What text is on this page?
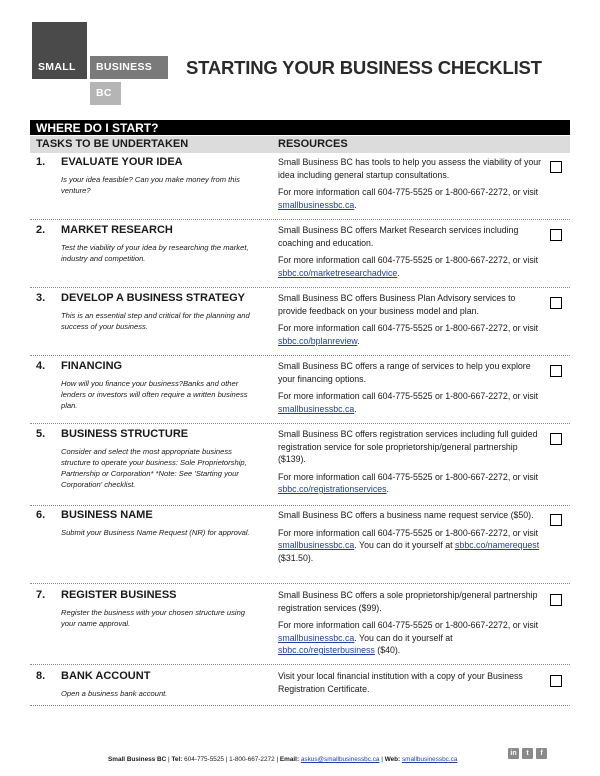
SMALL BUSINESS
BC
STARTING YOUR BUSINESS CHECKLIST
WHERE DO I START?
TASKS TO BE UNDERTAKEN	RESOURCES
1. EVALUATE YOUR IDEA
Is your idea feasible? Can you make money from this venture?

Small Business BC has tools to help you assess the viability of your idea including general startup consultations.

For more information call 604-775-5525 or 1-800-667-2272, or visit smallbusinessbc.ca.

2. MARKET RESEARCH
Test the viability of your idea by researching the market, industry and competition.

Small Business BC offers Market Research services including coaching and education.

For more information call 604-775-5525 or 1-800-667-2272, or visit sbbc.co/marketresearchadvice.

3. DEVELOP A BUSINESS STRATEGY
This is an essential step and critical for the planning and success of your business.

Small Business BC offers Business Plan Advisory services to provide feedback on your business model and plan.

For more information call 604-775-5525 or 1-800-667-2272, or visit sbbc.co/bplanreview.

4. FINANCING
How will you finance your business?Banks and other lenders or investors will often require a written business plan.

Small Business BC offers a range of services to help you explore your financing options.

For more information call 604-775-5525 or 1-800-667-2272, or visit smallbusinessbc.ca.

5. BUSINESS STRUCTURE
Consider and select the most appropriate business structure to operate your business: Sole Proprietorship, Partnership or Corporation* *Note: See 'Starting your Corporation' checklist.

Small Business BC offers registration services including full guided registration service for sole proprietorship/general partnership ($139).

For more information call 604-775-5525 or 1-800-667-2272, or visit sbbc.co/registrationservices.

6. BUSINESS NAME
Submit your Business Name Request (NR) for approval.

Small Business BC offers a business name request service ($50).

For more information call 604-775-5525 or 1-800-667-2272, or visit smallbusinessbc.ca. You can do it yourself at sbbc.co/namerequest ($31.50).

7. REGISTER BUSINESS
Register the business with your chosen structure using your name approval.

Small Business BC offers a sole proprietorship/general partnership registration services ($99).

For more information call 604-775-5525 or 1-800-667-2272, or visit smallbusinessbc.ca. You can do it yourself at sbbc.co/registerbusiness ($40).

8. BANK ACCOUNT
Open a business bank account.

Visit your local financial institution with a copy of your Business Registration Certificate.

Small Business BC | Tel: 604-775-5525 | 1-800-667-2272 | Email: askus@smallbusinessbc.ca | Web: smallbusinessbc.ca
in	t	f
